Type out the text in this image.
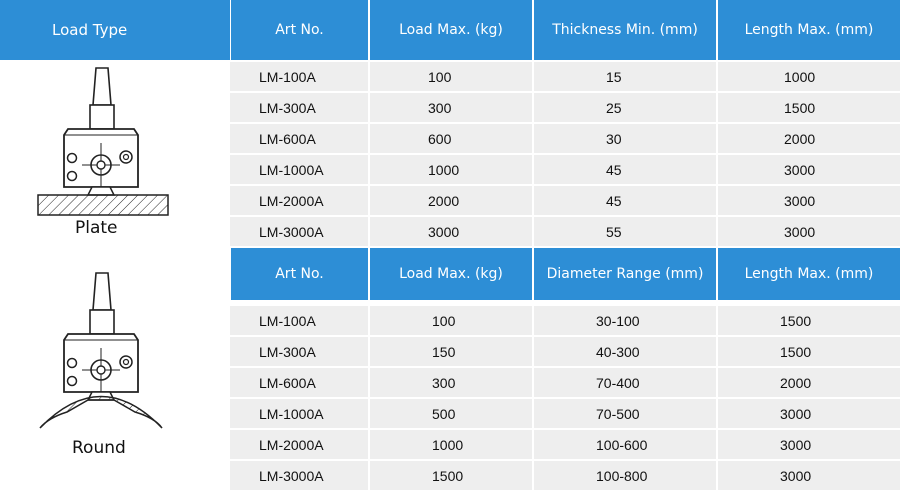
Load Type	Art No.	Load Max. (kg)	Thickness Min. (mm)	Length Max. (mm)
LM-100A	100	15	1000
LM-300A	300	25	1500
LM-600A	600	30	2000
LM-1000A	1000	45	3000
LM-2000A	2000	45	3000
LM-3000A	3000	55	3000
Art No.	Load Max. (kg)	Diameter Range (mm)	Length Max. (mm)
LM-100A	100	30-100	1500
LM-300A	150	40-300	1500
LM-600A	300	70-400	2000
LM-1000A	500	70-500	3000
LM-2000A	1000	100-600	3000
LM-3000A	1500	100-800	3000
Plate
Round
